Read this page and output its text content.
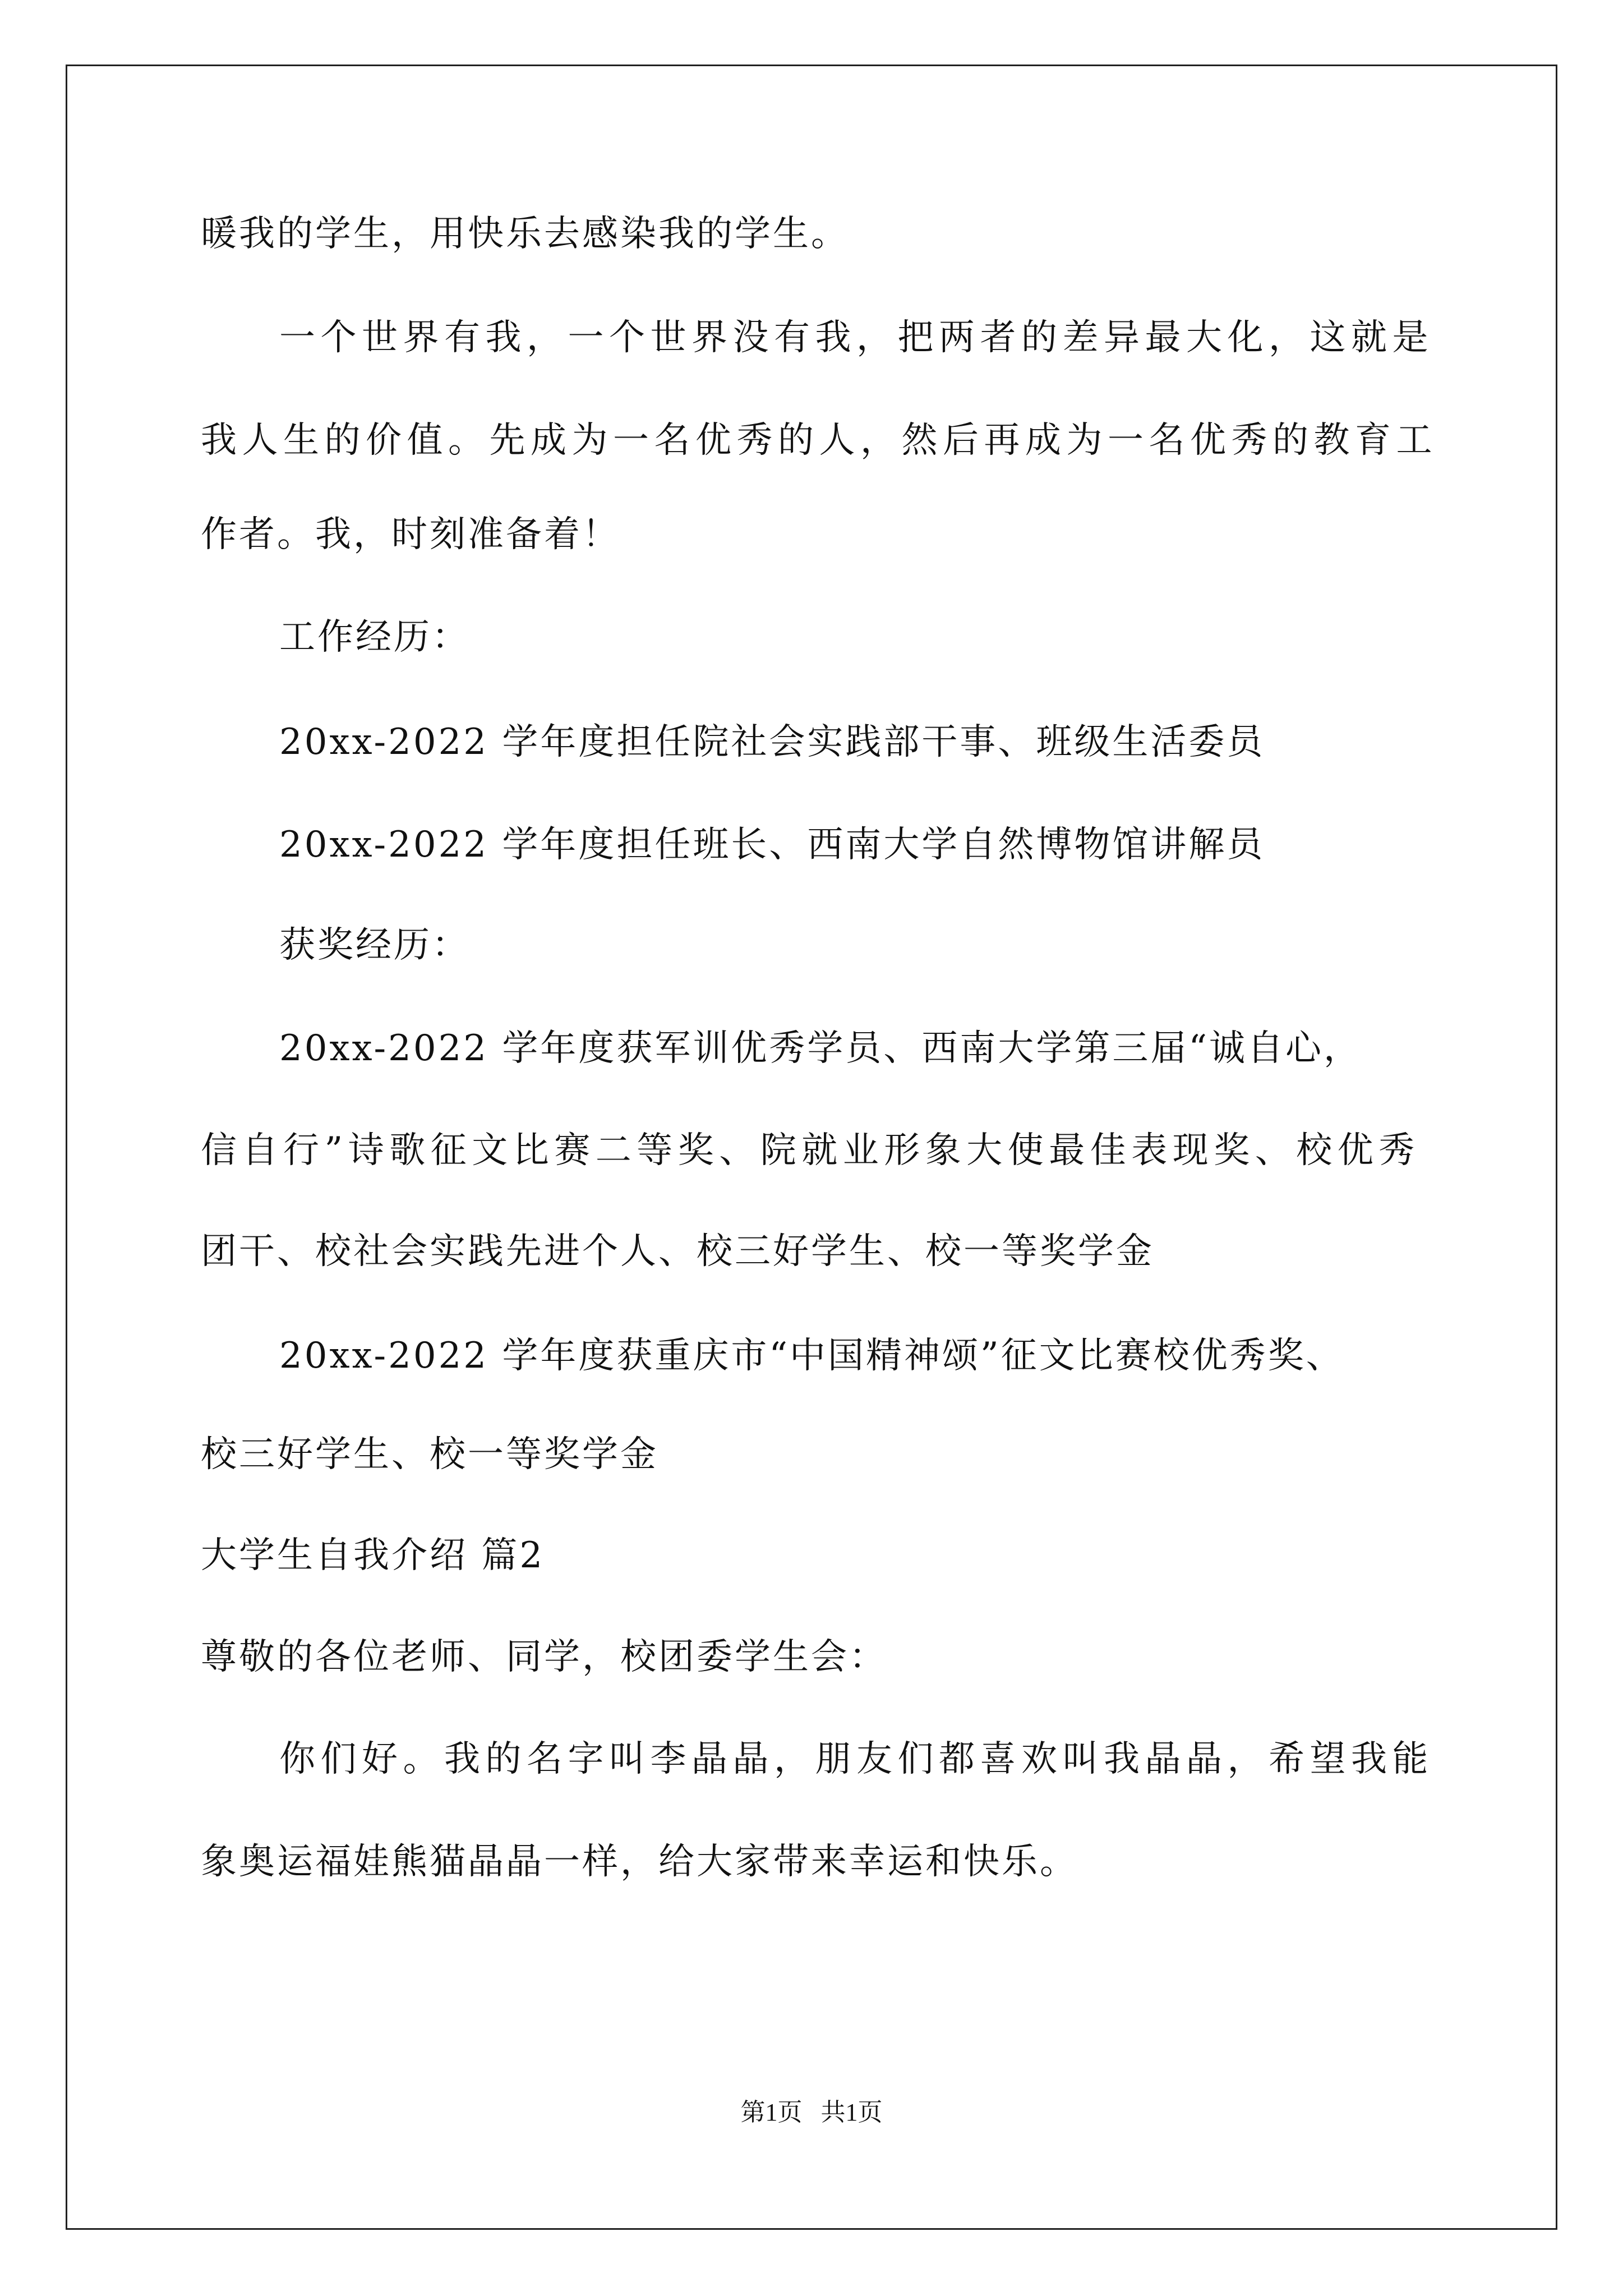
暖我的学生，用快乐去感染我的学生。
一个世界有我，一个世界没有我，把两者的差异最大化，这就是
我人生的价值。先成为一名优秀的人，然后再成为一名优秀的教育工
作者。我，时刻准备着！
工作经历：
20xx-2022 学年度担任院社会实践部干事、班级生活委员
20xx-2022 学年度担任班长、西南大学自然博物馆讲解员
获奖经历：
20xx-2022 学年度获军训优秀学员、西南大学第三届“诚自心，
信自行”诗歌征文比赛二等奖、院就业形象大使最佳表现奖、校优秀
团干、校社会实践先进个人、校三好学生、校一等奖学金
20xx-2022 学年度获重庆市“中国精神颂”征文比赛校优秀奖、
校三好学生、校一等奖学金
大学生自我介绍 篇2
尊敬的各位老师、同学，校团委学生会：
你们好。我的名字叫李晶晶，朋友们都喜欢叫我晶晶，希望我能
象奥运福娃熊猫晶晶一样，给大家带来幸运和快乐。
第1页 共1页
